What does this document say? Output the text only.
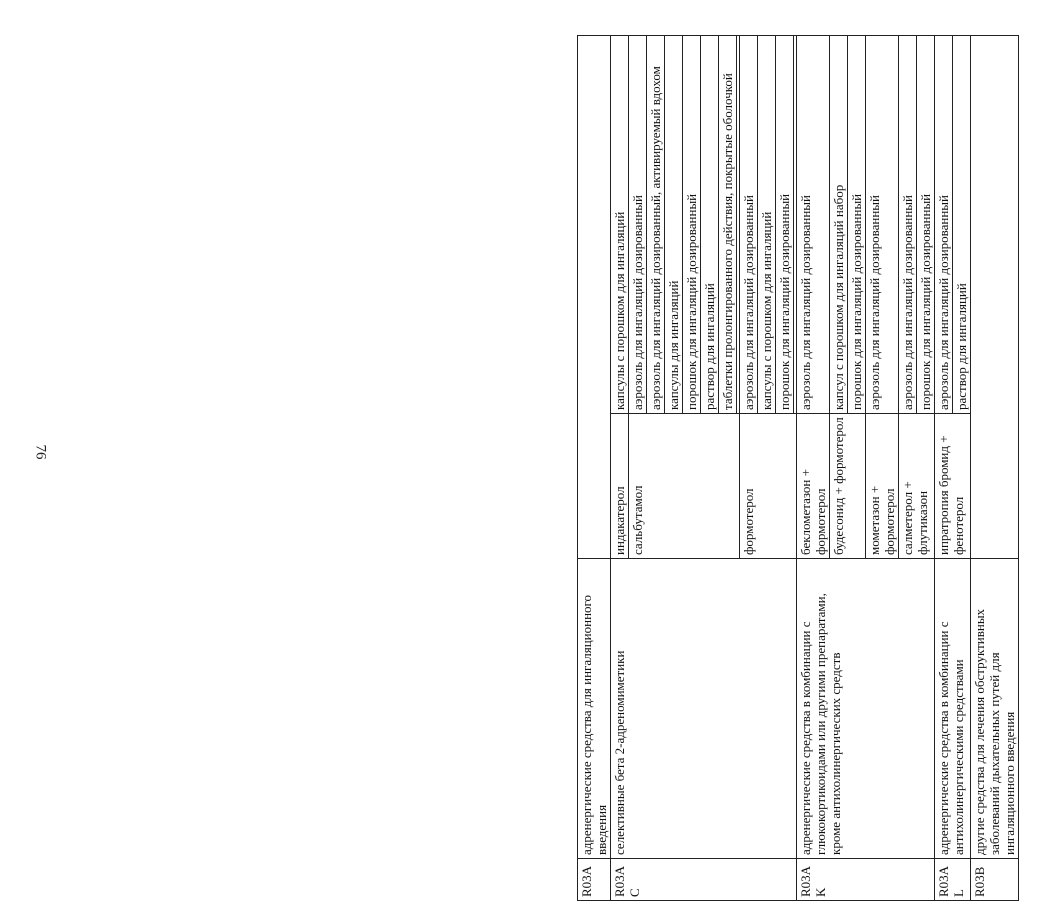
76
R03A	адренергические средства для ингаляционного введения		
R03AC	селективные бета 2-адреномиметики	индакатерол	капсулы с порошком для ингаляций
		сальбутамол	аэрозоль для ингаляций дозированный
			аэрозоль для ингаляций дозированный, активируемый вдохом
			капсулы для ингаляций
			порошок для ингаляций дозированный
			раствор для ингаляций
			таблетки пролонгированного действия, покрытые оболочкой

		формотерол	аэрозоль для ингаляций дозированный
			капсулы с порошком для ингаляций
			порошок для ингаляций дозированный

R03AK	адренергические средства в комбинации с глюкокортикоидами или другими препаратами, кроме антихолинергических средств	беклометазон + формотерол	аэрозоль для ингаляций дозированный
		будесонид + формотерол	капсул с порошком для ингаляций набор
			порошок для ингаляций дозированный
		мометазон + формотерол	аэрозоль для ингаляций дозированный
		салметерол + флутиказон	аэрозоль для ингаляций дозированный
			порошок для ингаляций дозированный
R03AL	адренергические средства в комбинации с антихолинергическими средствами	ипратропия бромид + фенотерол	аэрозоль для ингаляций дозированный
			раствор для ингаляций
R03B	другие средства для лечения обструктивных заболеваний дыхательных путей для ингаляционного введения		
